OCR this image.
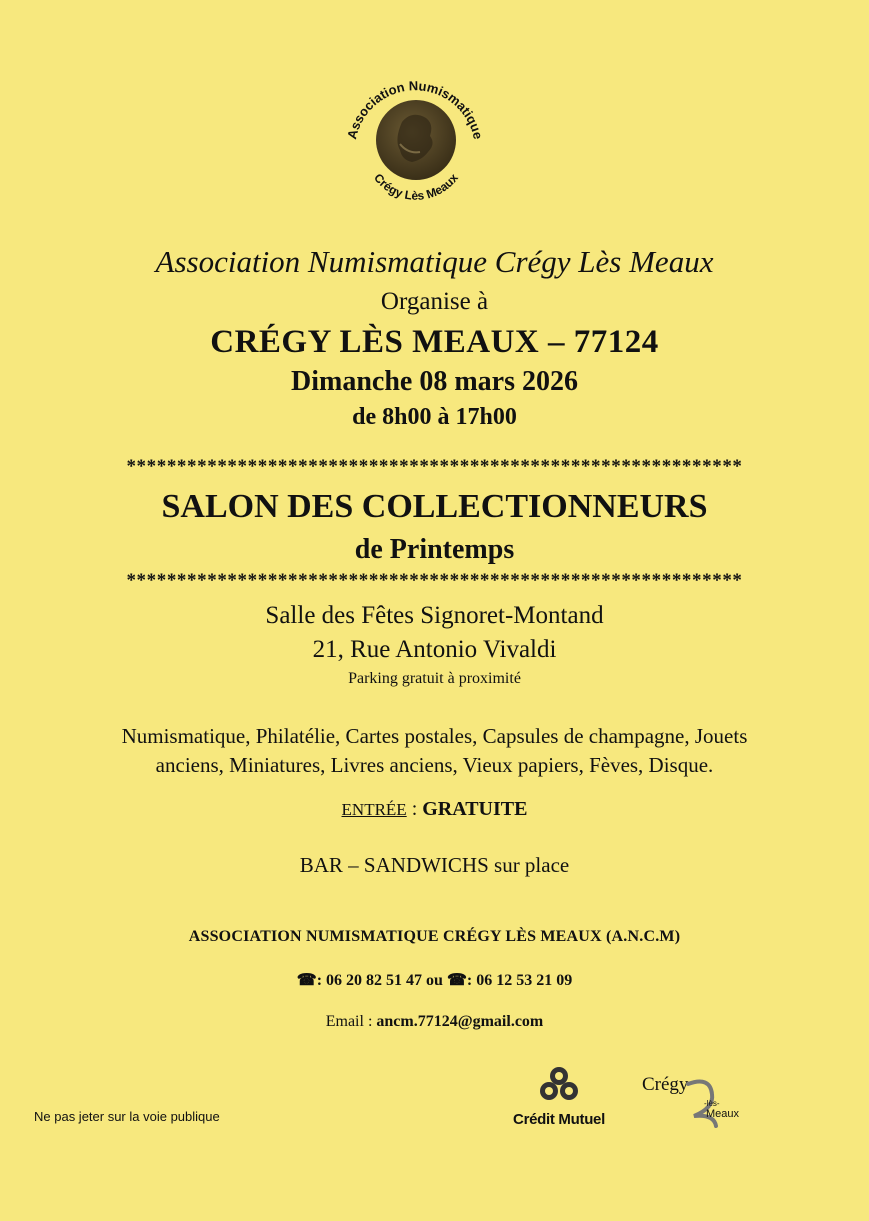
Association Numismatique
Crégy Lès Meaux
Association Numismatique Crégy Lès Meaux
Organise à
CRÉGY LÈS MEAUX – 77124
Dimanche 08 mars 2026
de 8h00 à 17h00
*************************************************************
SALON DES COLLECTIONNEURS
de Printemps
*************************************************************
Salle des Fêtes Signoret-Montand
21, Rue Antonio Vivaldi
Parking gratuit à proximité
Numismatique, Philatélie, Cartes postales, Capsules de champagne, Jouets
anciens, Miniatures, Livres anciens, Vieux papiers, Fèves, Disque.
ENTRÉE : GRATUITE
BAR – SANDWICHS sur place
ASSOCIATION NUMISMATIQUE CRÉGY LÈS MEAUX (A.N.C.M)
☎: 06 20 82 51 47 ou ☎: 06 12 53 21 09
Email : ancm.77124@gmail.com
Ne pas jeter sur la voie publique	Crédit Mutuel
Crégy
-lès-
Meaux
